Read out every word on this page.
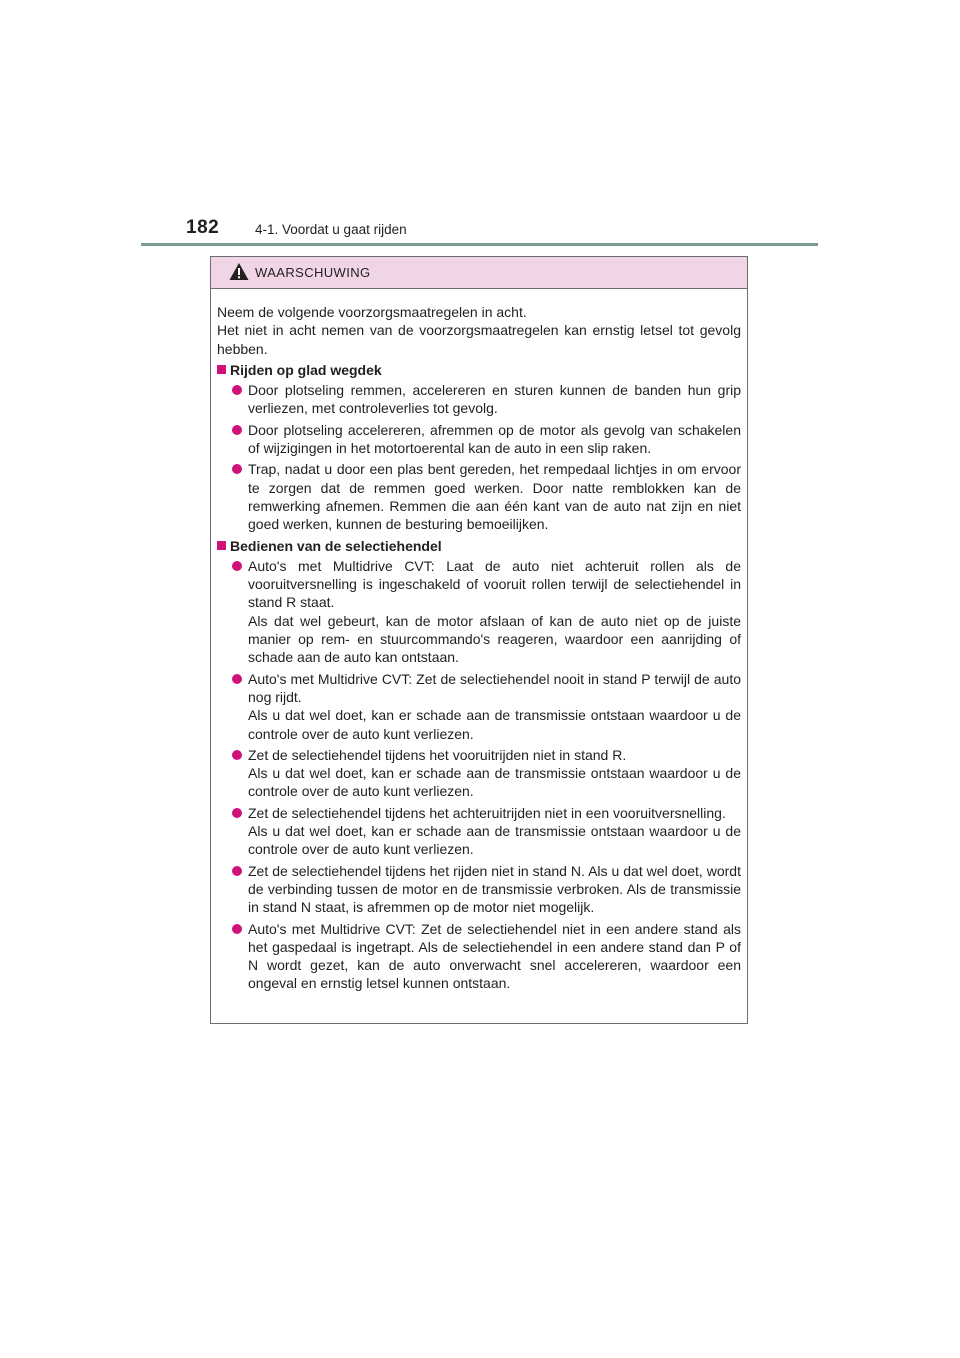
182	4-1. Voordat u gaat rijden
WAARSCHUWING

Neem de volgende voorzorgsmaatregelen in acht.

Het niet in acht nemen van de voorzorgsmaatregelen kan ernstig letsel tot gevolg hebben.

Rijden op glad wegdek
Door plotseling remmen, accelereren en sturen kunnen de banden hun grip verliezen, met controleverlies tot gevolg.
Door plotseling accelereren, afremmen op de motor als gevolg van schakelen of wijzigingen in het motortoerental kan de auto in een slip raken.
Trap, nadat u door een plas bent gereden, het rempedaal lichtjes in om ervoor te zorgen dat de remmen goed werken. Door natte remblokken kan de remwerking afnemen. Remmen die aan één kant van de auto nat zijn en niet goed werken, kunnen de besturing bemoeilijken.
Bedienen van de selectiehendel
Auto's met Multidrive CVT: Laat de auto niet achteruit rollen als de vooruitversnelling is ingeschakeld of vooruit rollen terwijl de selectiehendel in stand R staat.
Als dat wel gebeurt, kan de motor afslaan of kan de auto niet op de juiste manier op rem- en stuurcommando's reageren, waardoor een aanrijding of schade aan de auto kan ontstaan.
Auto's met Multidrive CVT: Zet de selectiehendel nooit in stand P terwijl de auto nog rijdt.
Als u dat wel doet, kan er schade aan de transmissie ontstaan waardoor u de controle over de auto kunt verliezen.
Zet de selectiehendel tijdens het vooruitrijden niet in stand R.
Als u dat wel doet, kan er schade aan de transmissie ontstaan waardoor u de controle over de auto kunt verliezen.
Zet de selectiehendel tijdens het achteruitrijden niet in een vooruitversnelling.
Als u dat wel doet, kan er schade aan de transmissie ontstaan waardoor u de controle over de auto kunt verliezen.
Zet de selectiehendel tijdens het rijden niet in stand N. Als u dat wel doet, wordt de verbinding tussen de motor en de transmissie verbroken. Als de transmissie in stand N staat, is afremmen op de motor niet mogelijk.
Auto's met Multidrive CVT: Zet de selectiehendel niet in een andere stand als het gaspedaal is ingetrapt. Als de selectiehendel in een andere stand dan P of N wordt gezet, kan de auto onverwacht snel accelereren, waardoor een ongeval en ernstig letsel kunnen ontstaan.
